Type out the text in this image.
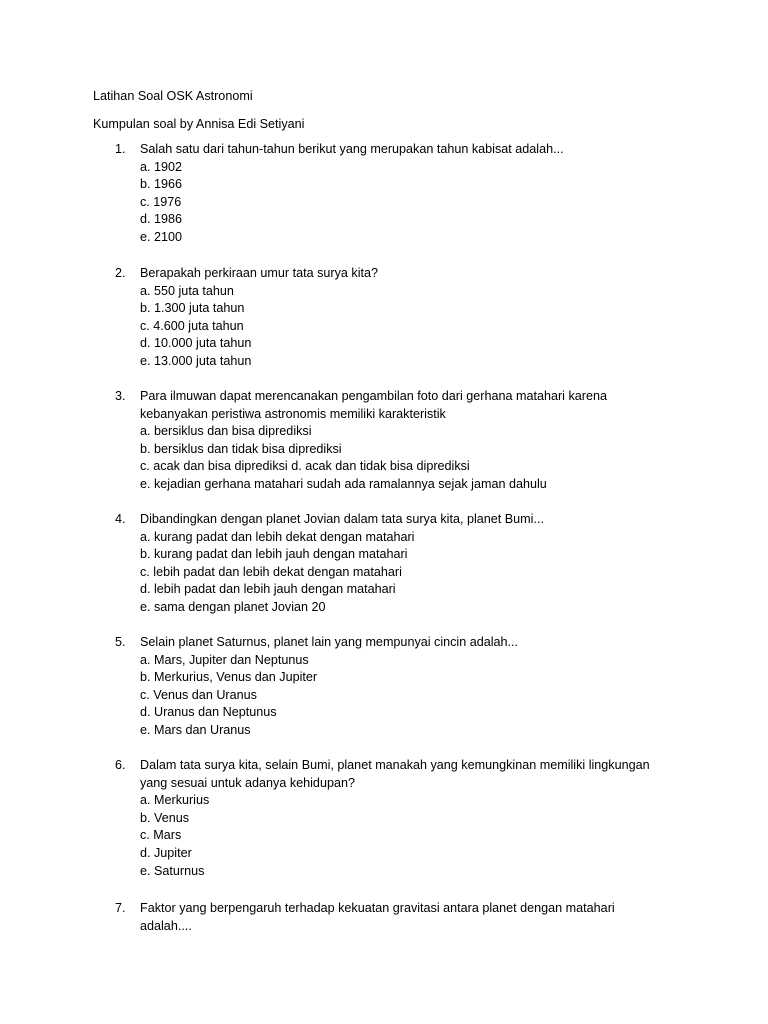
Latihan Soal OSK Astronomi
Kumpulan soal by Annisa Edi Setiyani
1. Salah satu dari tahun-tahun berikut yang merupakan tahun kabisat adalah...
a. 1902
b. 1966
c. 1976
d. 1986
e. 2100
2. Berapakah perkiraan umur tata surya kita?
a. 550 juta tahun
b. 1.300 juta tahun
c. 4.600 juta tahun
d. 10.000 juta tahun
e. 13.000 juta tahun
3. Para ilmuwan dapat merencanakan pengambilan foto dari gerhana matahari karena
kebanyakan peristiwa astronomis memiliki karakteristik
a. bersiklus dan bisa diprediksi
b. bersiklus dan tidak bisa diprediksi
c. acak dan bisa diprediksi d. acak dan tidak bisa diprediksi
e. kejadian gerhana matahari sudah ada ramalannya sejak jaman dahulu
4. Dibandingkan dengan planet Jovian dalam tata surya kita, planet Bumi...
a. kurang padat dan lebih dekat dengan matahari
b. kurang padat dan lebih jauh dengan matahari
c. lebih padat dan lebih dekat dengan matahari
d. lebih padat dan lebih jauh dengan matahari
e. sama dengan planet Jovian 20
5. Selain planet Saturnus, planet lain yang mempunyai cincin adalah...
a. Mars, Jupiter dan Neptunus
b. Merkurius, Venus dan Jupiter
c. Venus dan Uranus
d. Uranus dan Neptunus
e. Mars dan Uranus
6. Dalam tata surya kita, selain Bumi, planet manakah yang kemungkinan memiliki lingkungan
yang sesuai untuk adanya kehidupan?
a. Merkurius
b. Venus
c. Mars
d. Jupiter
e. Saturnus
7. Faktor yang berpengaruh terhadap kekuatan gravitasi antara planet dengan matahari
adalah....
